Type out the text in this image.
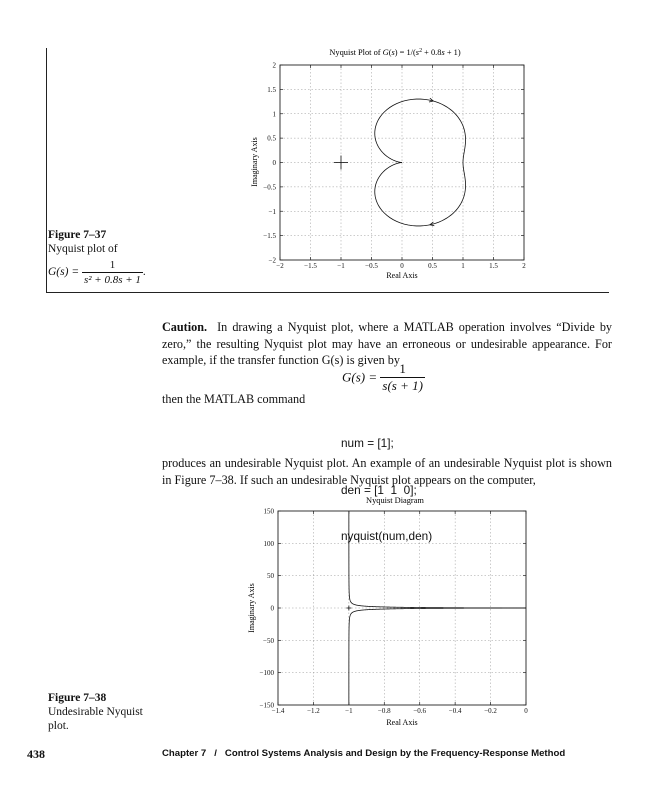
Nyquist Plot of $G(s) = 1/(s^2 + 0.8s + 1)$
−2	−1.5	−1	−0.5	0	0.5	1	1.5	2
2
1.5
1
0.5
0
−0.5
−1
−1.5
−2
Real Axis
Imaginary Axis
Figure 7–37
Nyquist plot of
$G(s) = \frac{1}{\text{s² + 0.8s + 1}}$ .
Caution. In drawing a Nyquist plot, where a MATLAB operation involves “Divide by zero,” the resulting Nyquist plot may have an erroneous or undesirable appearance. For example, if the transfer function G(s) is given by
$G(s) = \frac{1}{s(s + 1)}$
then the MATLAB command

num = [1];

den = [1  1  0];

nyquist(num,den)

produces an undesirable Nyquist plot. An example of an undesirable Nyquist plot is shown in Figure 7–38. If such an undesirable Nyquist plot appears on the computer,
Nyquist Diagram
−1.4	−1.2	−1	−0.8	−0.6	−0.4	−0.2	0
150
100
50
0
−50
−100
−150
Real Axis
Imaginary Axis
Figure 7–38
Undesirable Nyquist
plot.
438	Chapter 7   /   Control Systems Analysis and Design by the Frequency-Response Method
